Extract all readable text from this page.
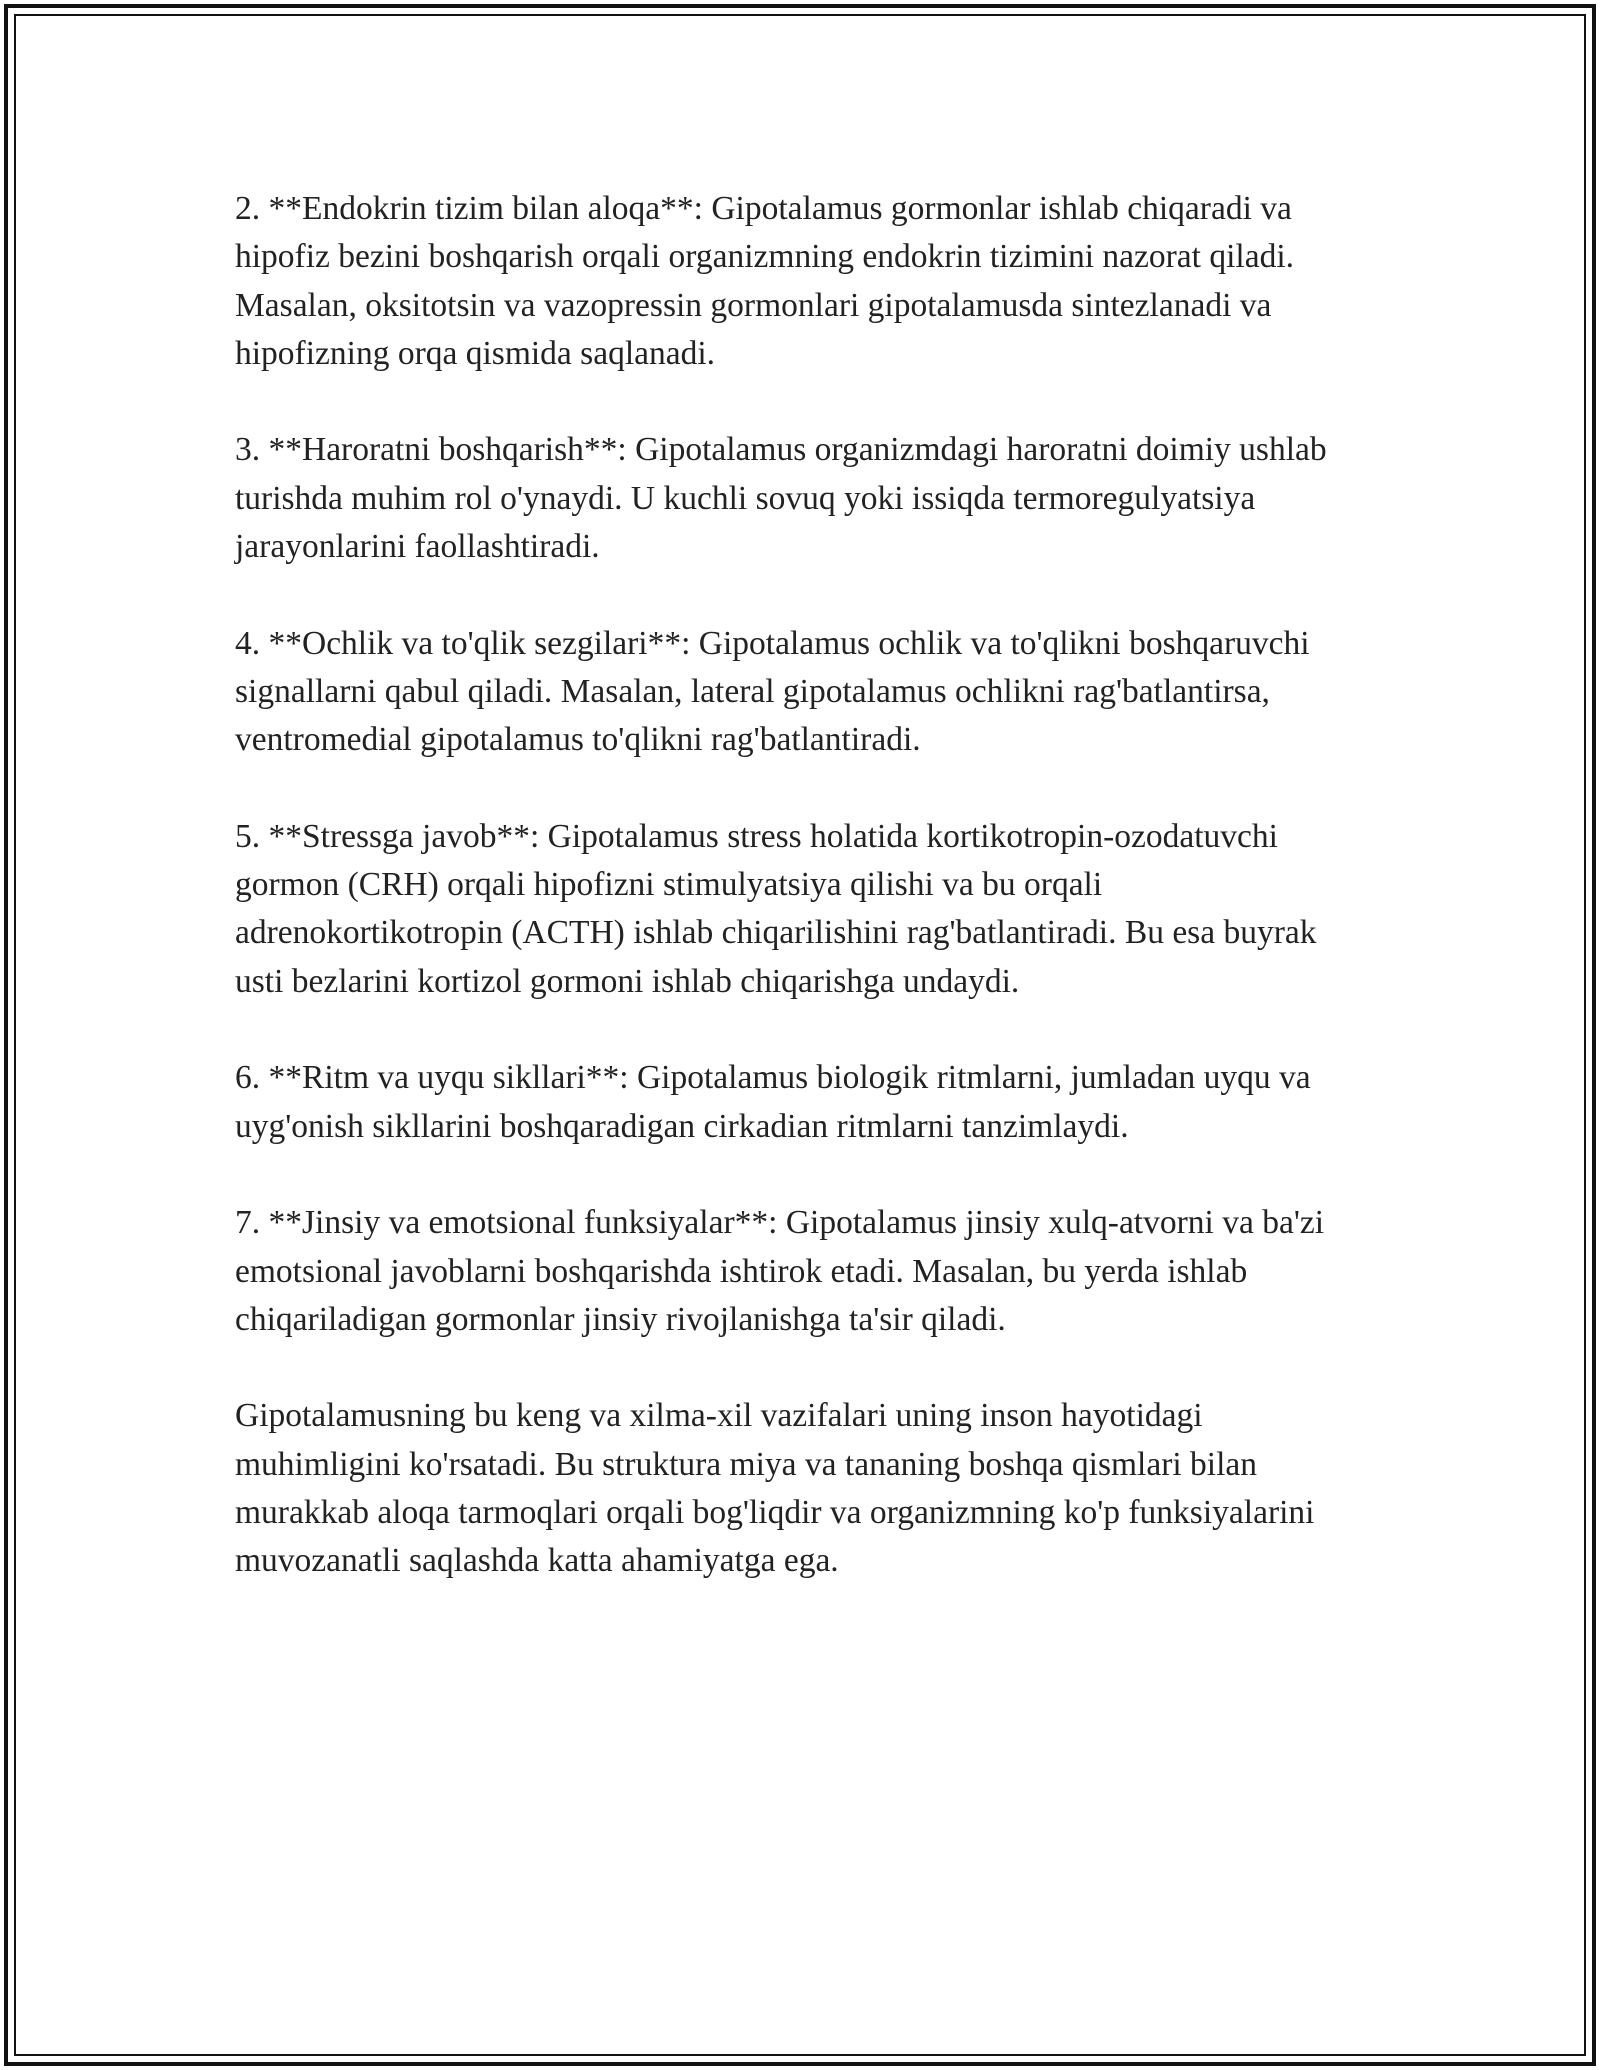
2. **Endokrin tizim bilan aloqa**: Gipotalamus gormonlar ishlab chiqaradi va hipofiz bezini boshqarish orqali organizmning endokrin tizimini nazorat qiladi. Masalan, oksitotsin va vazopressin gormonlari gipotalamusda sintezlanadi va hipofizning orqa qismida saqlanadi.

3. **Haroratni boshqarish**: Gipotalamus organizmdagi haroratni doimiy ushlab turishda muhim rol o'ynaydi. U kuchli sovuq yoki issiqda termoregulyatsiya jarayonlarini faollashtiradi.

4. **Ochlik va to'qlik sezgilari**: Gipotalamus ochlik va to'qlikni boshqaruvchi signallarni qabul qiladi. Masalan, lateral gipotalamus ochlikni rag'batlantirsa, ventromedial gipotalamus to'qlikni rag'batlantiradi.

5. **Stressga javob**: Gipotalamus stress holatida kortikotropin-ozodatuvchi gormon (CRH) orqali hipofizni stimulyatsiya qilishi va bu orqali adrenokortikotropin (ACTH) ishlab chiqarilishini rag'batlantiradi. Bu esa buyrak usti bezlarini kortizol gormoni ishlab chiqarishga undaydi.

6. **Ritm va uyqu sikllari**: Gipotalamus biologik ritmlarni, jumladan uyqu va uyg'onish sikllarini boshqaradigan cirkadian ritmlarni tanzimlaydi.

7. **Jinsiy va emotsional funksiyalar**: Gipotalamus jinsiy xulq-atvorni va ba'zi emotsional javoblarni boshqarishda ishtirok etadi. Masalan, bu yerda ishlab chiqariladigan gormonlar jinsiy rivojlanishga ta'sir qiladi.

Gipotalamusning bu keng va xilma-xil vazifalari uning inson hayotidagi muhimligini ko'rsatadi. Bu struktura miya va tananing boshqa qismlari bilan murakkab aloqa tarmoqlari orqali bog'liqdir va organizmning ko'p funksiyalarini muvozanatli saqlashda katta ahamiyatga ega.
